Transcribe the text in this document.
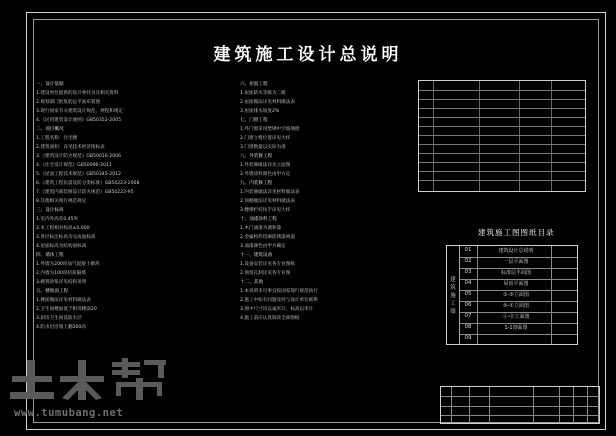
建筑施工设计总说明
一、设计依据
1.建设单位提供的设计委托书及相关资料
2.规划部门批复的总平面布置图
3.现行国家有关建筑设计规范、规程和规定
4.《民用建筑设计通则》GB50352-2005
二、项目概况
1.工程名称：住宅楼
2.建筑面积：详见技术经济指标表
3.《建筑设计防火规范》GB50016-2006
4.《住宅设计规范》GB50096-2011
5.《屋面工程技术规范》GB50345-2012
6.《建筑工程抗震设防分类标准》GB50223-2008
7.《建筑内部装修设计防火规范》GB50222-95
8.其他相关现行规范规定
三、设计标高
1.室内外高差0.45米
2.本工程相对标高±0.000
3.各层标注标高为完成面标高
4.屋面标高为结构面标高
四、墙体工程
1.外墙为200厚加气混凝土砌块
2.内墙为100厚轻质隔墙
3.砌筑砂浆详见结构说明
五、楼地面工程
1.楼面做法详见材料做法表
2.卫生间楼面低于相邻楼面20
3.厨房卫生间设防水层
4.防水层沿墙上翻300高
六、屋面工程
1.屋面防水等级为二级
2.屋面做法详见材料做法表
3.屋面排水坡度2%
七、门窗工程
1.外门窗采用塑钢中空玻璃窗
2.门窗立樘位置详见大样
3.门窗数量以实际为准
八、外装修工程
1.外装修做法详见立面图
2.外墙涂料颜色由甲方定
九、内装修工程
1.内装修做法详见材料做法表
2.顶棚做法详见材料做法表
3.楼梯栏杆扶手详见大样
十、油漆涂料工程
1.木门油漆为调和漆
2.金属构件均刷防锈漆两道
3.油漆颜色由甲方确定
十一、建筑设备
1.设备安装详见各专业图纸
2.预留孔洞详见各专业图
十二、其他
1.本说明未尽事宜按国家现行规范执行
2.施工中如有问题及时与设计单位联系
3.图中尺寸均以毫米计，标高以米计
4.施工前应认真阅读全部图纸
建筑施工图图纸目录
建
筑
施
工
图
01	建筑设计总说明
02	一层平面图
03	标准层平面图
04	屋顶平面图
05	①-⑤立面图
06	⑤-①立面图
07	Ⓐ-Ⓓ立面图
08	1-1剖面图
09
www.tumubang.net
